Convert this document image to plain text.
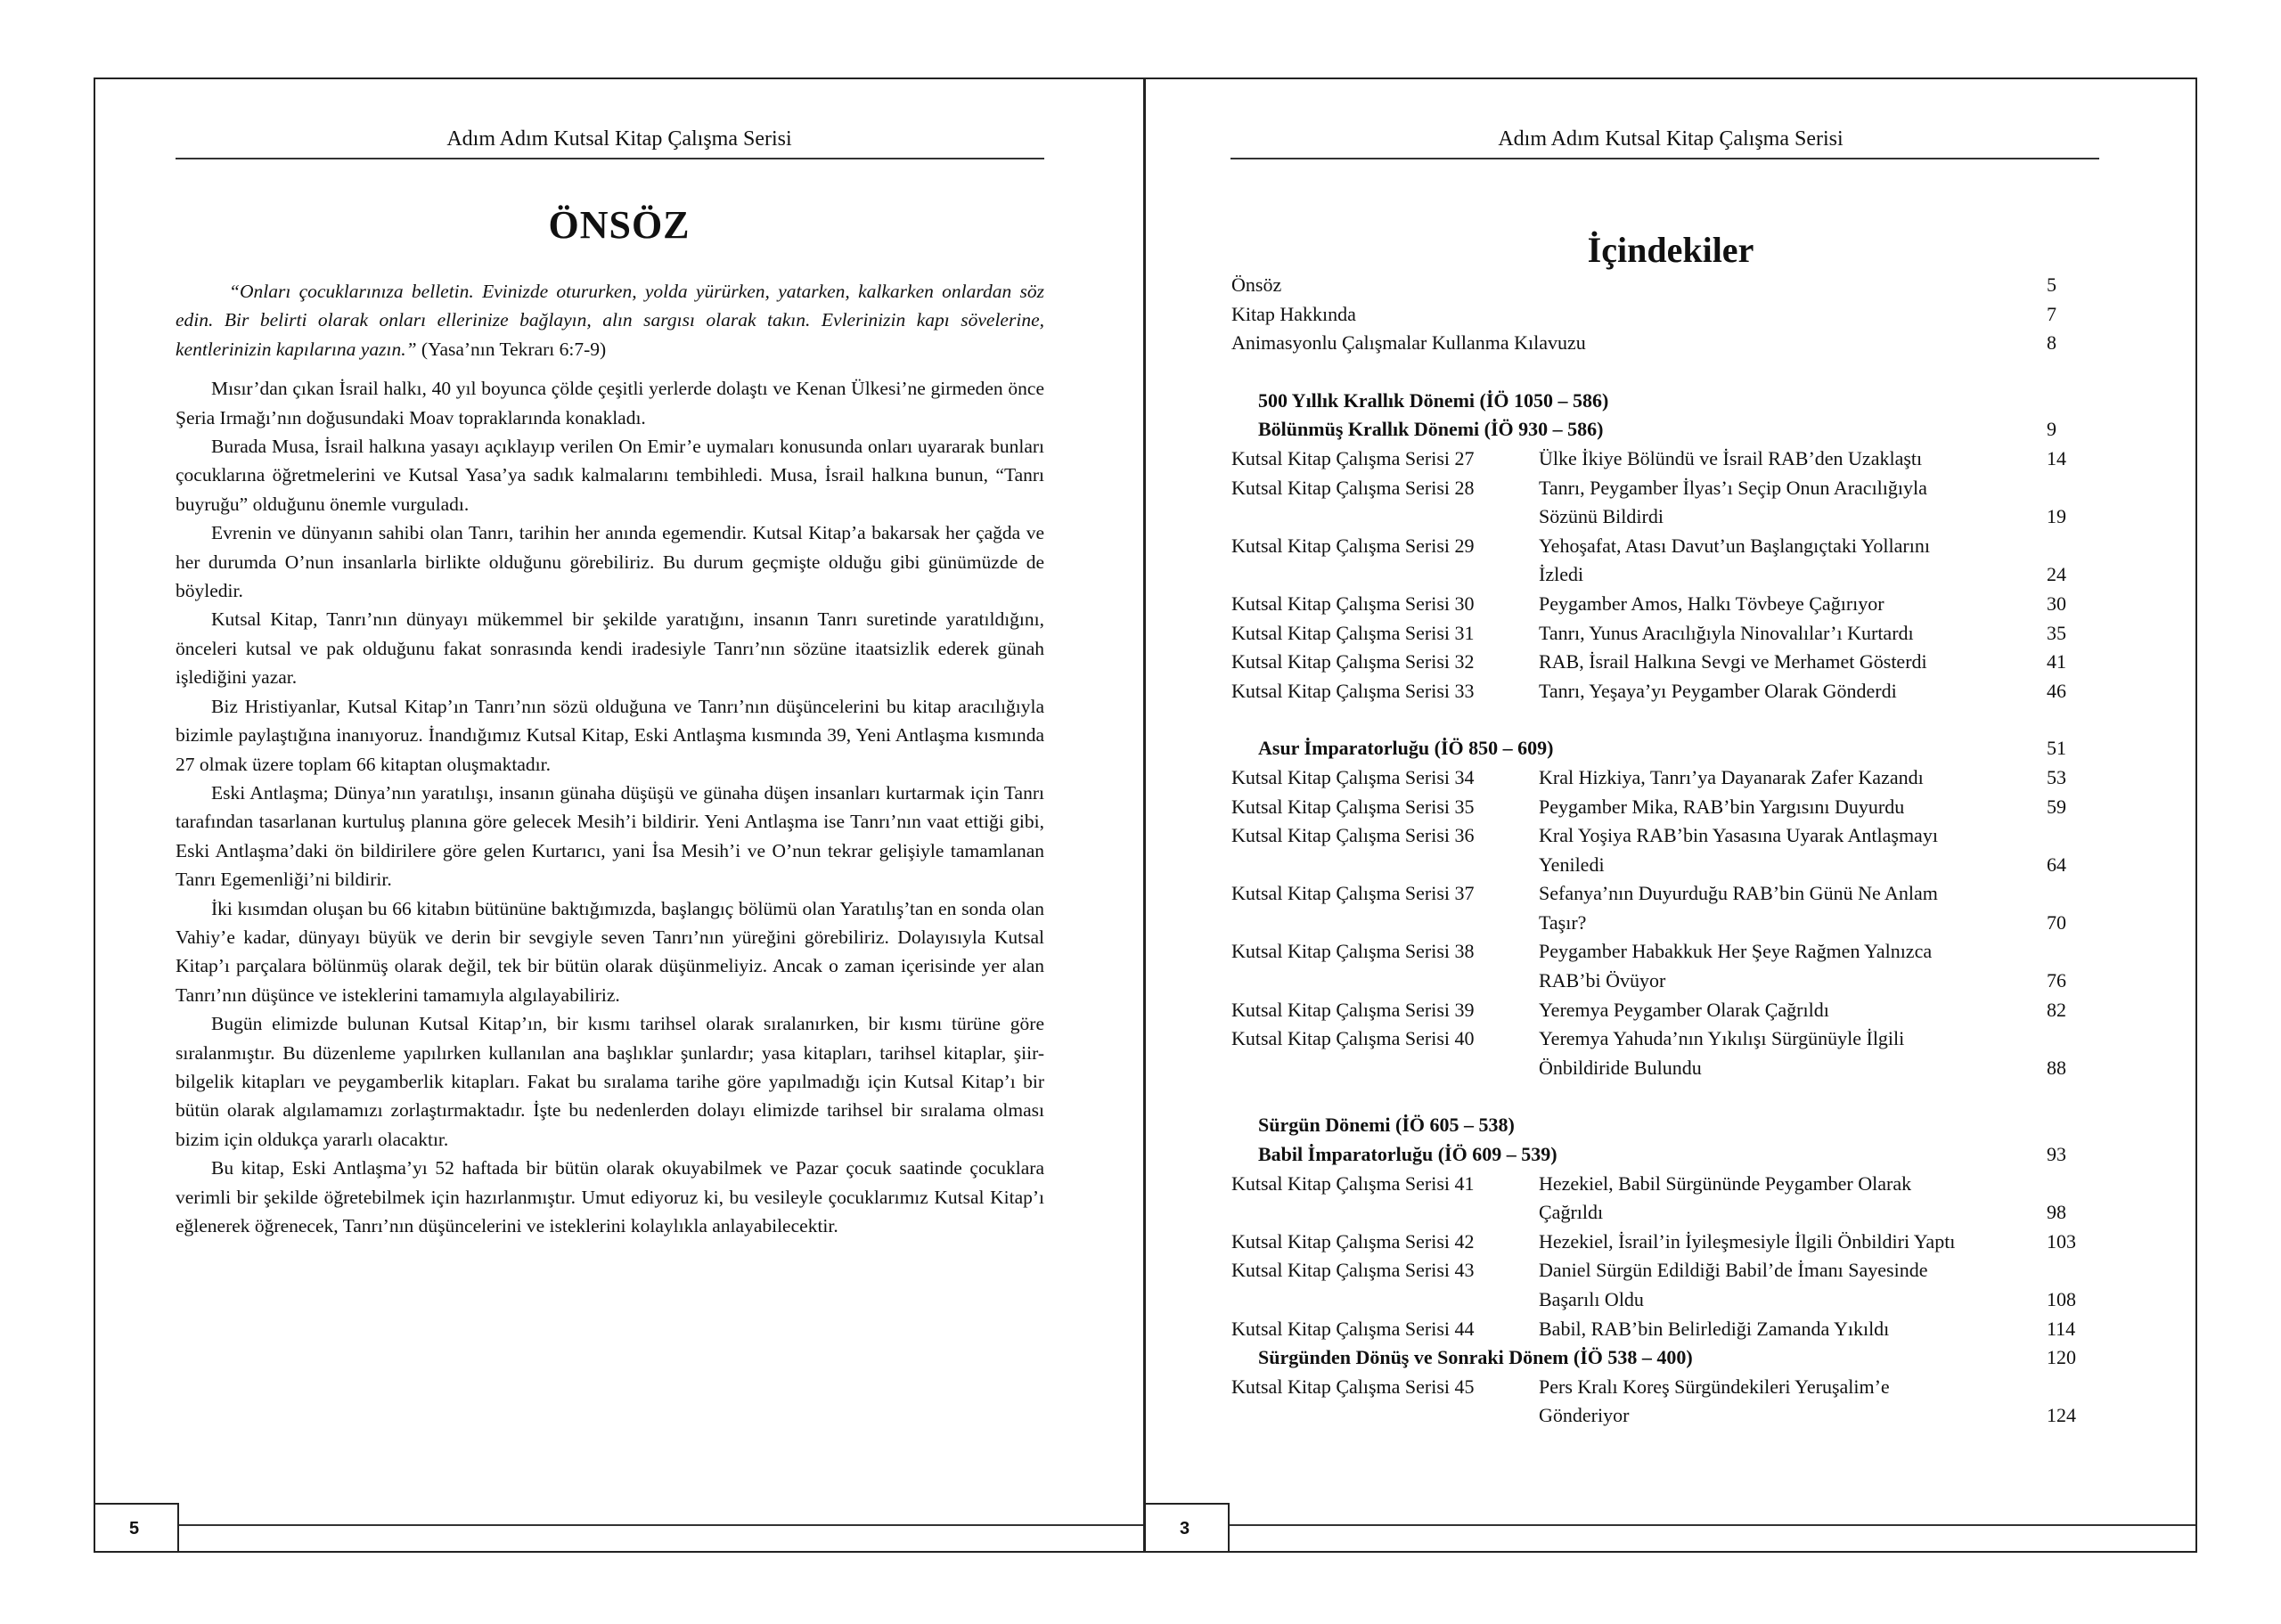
Adım Adım Kutsal Kitap Çalışma Serisi
ÖNSÖZ

“Onları çocuklarınıza belletin. Evinizde otururken, yolda yürürken, yatarken, kalkarken onlardan söz edin. Bir belirti olarak onları ellerinize bağlayın, alın sargısı olarak takın. Evlerinizin kapı sövelerine, kentlerinizin kapılarına yazın.” (Yasa’nın Tekrarı 6:7-9)

Mısır’dan çıkan İsrail halkı, 40 yıl boyunca çölde çeşitli yerlerde dolaştı ve Kenan Ülkesi’ne girmeden önce Şeria Irmağı’nın doğusundaki Moav topraklarında konakladı.

Burada Musa, İsrail halkına yasayı açıklayıp verilen On Emir’e uymaları konusunda onları uyararak bunları çocuklarına öğretmelerini ve Kutsal Yasa’ya sadık kalmalarını tembihledi. Musa, İsrail halkına bunun, “Tanrı buyruğu” olduğunu önemle vurguladı.

Evrenin ve dünyanın sahibi olan Tanrı, tarihin her anında egemendir. Kutsal Kitap’a bakarsak her çağda ve her durumda O’nun insanlarla birlikte olduğunu görebiliriz. Bu durum geçmişte olduğu gibi günümüzde de böyledir.

Kutsal Kitap, Tanrı’nın dünyayı mükemmel bir şekilde yaratığını, insanın Tanrı suretinde yaratıldığını, önceleri kutsal ve pak olduğunu fakat sonrasında kendi iradesiyle Tanrı’nın sözüne itaatsizlik ederek günah işlediğini yazar.

Biz Hristiyanlar, Kutsal Kitap’ın Tanrı’nın sözü olduğuna ve Tanrı’nın düşüncelerini bu kitap aracılığıyla bizimle paylaştığına inanıyoruz. İnandığımız Kutsal Kitap, Eski Antlaşma kısmında 39, Yeni Antlaşma kısmında 27 olmak üzere toplam 66 kitaptan oluşmaktadır.

Eski Antlaşma; Dünya’nın yaratılışı, insanın günaha düşüşü ve günaha düşen insanları kurtarmak için Tanrı tarafından tasarlanan kurtuluş planına göre gelecek Mesih’i bildirir. Yeni Antlaşma ise Tanrı’nın vaat ettiği gibi, Eski Antlaşma’daki ön bildirilere göre gelen Kurtarıcı, yani İsa Mesih’i ve O’nun tekrar gelişiyle tamamlanan Tanrı Egemenliği’ni bildirir.

İki kısımdan oluşan bu 66 kitabın bütününe baktığımızda, başlangıç bölümü olan Yaratılış’tan en sonda olan Vahiy’e kadar, dünyayı büyük ve derin bir sevgiyle seven Tanrı’nın yüreğini görebiliriz. Dolayısıyla Kutsal Kitap’ı parçalara bölünmüş olarak değil, tek bir bütün olarak düşünmeliyiz. Ancak o zaman içerisinde yer alan Tanrı’nın düşünce ve isteklerini tamamıyla algılayabiliriz.

Bugün elimizde bulunan Kutsal Kitap’ın, bir kısmı tarihsel olarak sıralanırken, bir kısmı türüne göre sıralanmıştır. Bu düzenleme yapılırken kullanılan ana başlıklar şunlardır; yasa kitapları, tarihsel kitaplar, şiir-bilgelik kitapları ve peygamberlik kitapları. Fakat bu sıralama tarihe göre yapılmadığı için Kutsal Kitap’ı bir bütün olarak algılamamızı zorlaştırmaktadır. İşte bu nedenlerden dolayı elimizde tarihsel bir sıralama olması bizim için oldukça yararlı olacaktır.

Bu kitap, Eski Antlaşma’yı 52 haftada bir bütün olarak okuyabilmek ve Pazar çocuk saatinde çocuklara verimli bir şekilde öğretebilmek için hazırlanmıştır. Umut ediyoruz ki, bu vesileyle çocuklarımız Kutsal Kitap’ı eğlenerek öğrenecek, Tanrı’nın düşüncelerini ve isteklerini kolaylıkla anlayabilecektir.

5
Adım Adım Kutsal Kitap Çalışma Serisi
İçindekiler
Önsöz	5
Kitap Hakkında	7
Animasyonlu Çalışmalar Kullanma Kılavuzu	8
500 Yıllık Krallık Dönemi (İÖ 1050 – 586)
Bölünmüş Krallık Dönemi (İÖ 930 – 586)	9
Kutsal Kitap Çalışma Serisi 27	Ülke İkiye Bölündü ve İsrail RAB’den Uzaklaştı	14
Kutsal Kitap Çalışma Serisi 28	Tanrı, Peygamber İlyas’ı Seçip Onun Aracılığıyla
Sözünü Bildirdi	19
Kutsal Kitap Çalışma Serisi 29	Yehoşafat, Atası Davut’un Başlangıçtaki Yollarını
İzledi	24
Kutsal Kitap Çalışma Serisi 30	Peygamber Amos, Halkı Tövbeye Çağırıyor	30
Kutsal Kitap Çalışma Serisi 31	Tanrı, Yunus Aracılığıyla Ninovalılar’ı Kurtardı	35
Kutsal Kitap Çalışma Serisi 32	RAB, İsrail Halkına Sevgi ve Merhamet Gösterdi	41
Kutsal Kitap Çalışma Serisi 33	Tanrı, Yeşaya’yı Peygamber Olarak Gönderdi	46
Asur İmparatorluğu (İÖ 850 – 609)	51
Kutsal Kitap Çalışma Serisi 34	Kral Hizkiya, Tanrı’ya Dayanarak Zafer Kazandı	53
Kutsal Kitap Çalışma Serisi 35	Peygamber Mika, RAB’bin Yargısını Duyurdu	59
Kutsal Kitap Çalışma Serisi 36	Kral Yoşiya RAB’bin Yasasına Uyarak Antlaşmayı
Yeniledi	64
Kutsal Kitap Çalışma Serisi 37	Sefanya’nın Duyurduğu RAB’bin Günü Ne Anlam
Taşır?	70
Kutsal Kitap Çalışma Serisi 38	Peygamber Habakkuk Her Şeye Rağmen Yalnızca
RAB’bi Övüyor	76
Kutsal Kitap Çalışma Serisi 39	Yeremya Peygamber Olarak Çağrıldı	82
Kutsal Kitap Çalışma Serisi 40	Yeremya Yahuda’nın Yıkılışı Sürgünüyle İlgili
Önbildiride Bulundu	88
Sürgün Dönemi (İÖ 605 – 538)
Babil İmparatorluğu (İÖ 609 – 539)	93
Kutsal Kitap Çalışma Serisi 41	Hezekiel, Babil Sürgününde Peygamber Olarak
Çağrıldı	98
Kutsal Kitap Çalışma Serisi 42	Hezekiel, İsrail’in İyileşmesiyle İlgili Önbildiri Yaptı	103
Kutsal Kitap Çalışma Serisi 43	Daniel Sürgün Edildiği Babil’de İmanı Sayesinde
Başarılı Oldu	108
Kutsal Kitap Çalışma Serisi 44	Babil, RAB’bin Belirlediği Zamanda Yıkıldı	114
Sürgünden Dönüş ve Sonraki Dönem (İÖ 538 – 400)	120
Kutsal Kitap Çalışma Serisi 45	Pers Kralı Koreş Sürgündekileri Yeruşalim’e
Gönderiyor	124
3
